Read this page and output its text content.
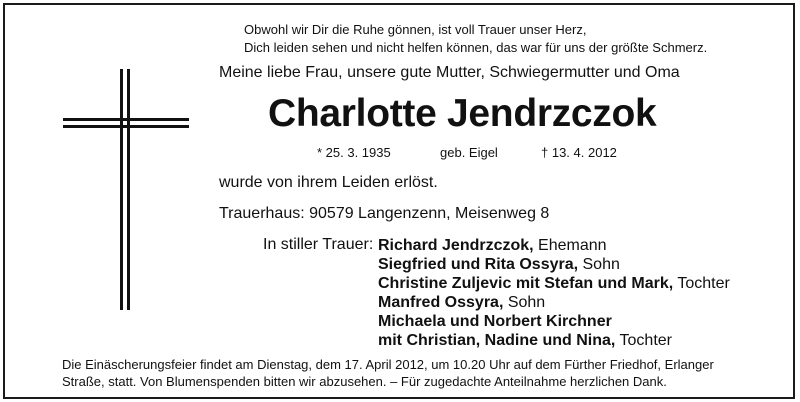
Obwohl wir Dir die Ruhe gönnen, ist voll Trauer unser Herz,
Dich leiden sehen und nicht helfen können, das war für uns der größte Schmerz.
Meine liebe Frau, unsere gute Mutter, Schwiegermutter und Oma
Charlotte Jendrzczok
* 25. 3. 1935	geb. Eigel	† 13. 4. 2012
wurde von ihrem Leiden erlöst.
Trauerhaus: 90579 Langenzenn, Meisenweg 8
In stiller Trauer: Richard Jendrzczok, Ehemann
Siegfried und Rita Ossyra, Sohn
Christine Zuljevic mit Stefan und Mark, Tochter
Manfred Ossyra, Sohn
Michaela und Norbert Kirchner
mit Christian, Nadine und Nina, Tochter
Die Einäscherungsfeier findet am Dienstag, dem 17. April 2012, um 10.20 Uhr auf dem Fürther Friedhof, Erlanger
Straße, statt. Von Blumenspenden bitten wir abzusehen. – Für zugedachte Anteilnahme herzlichen Dank.
